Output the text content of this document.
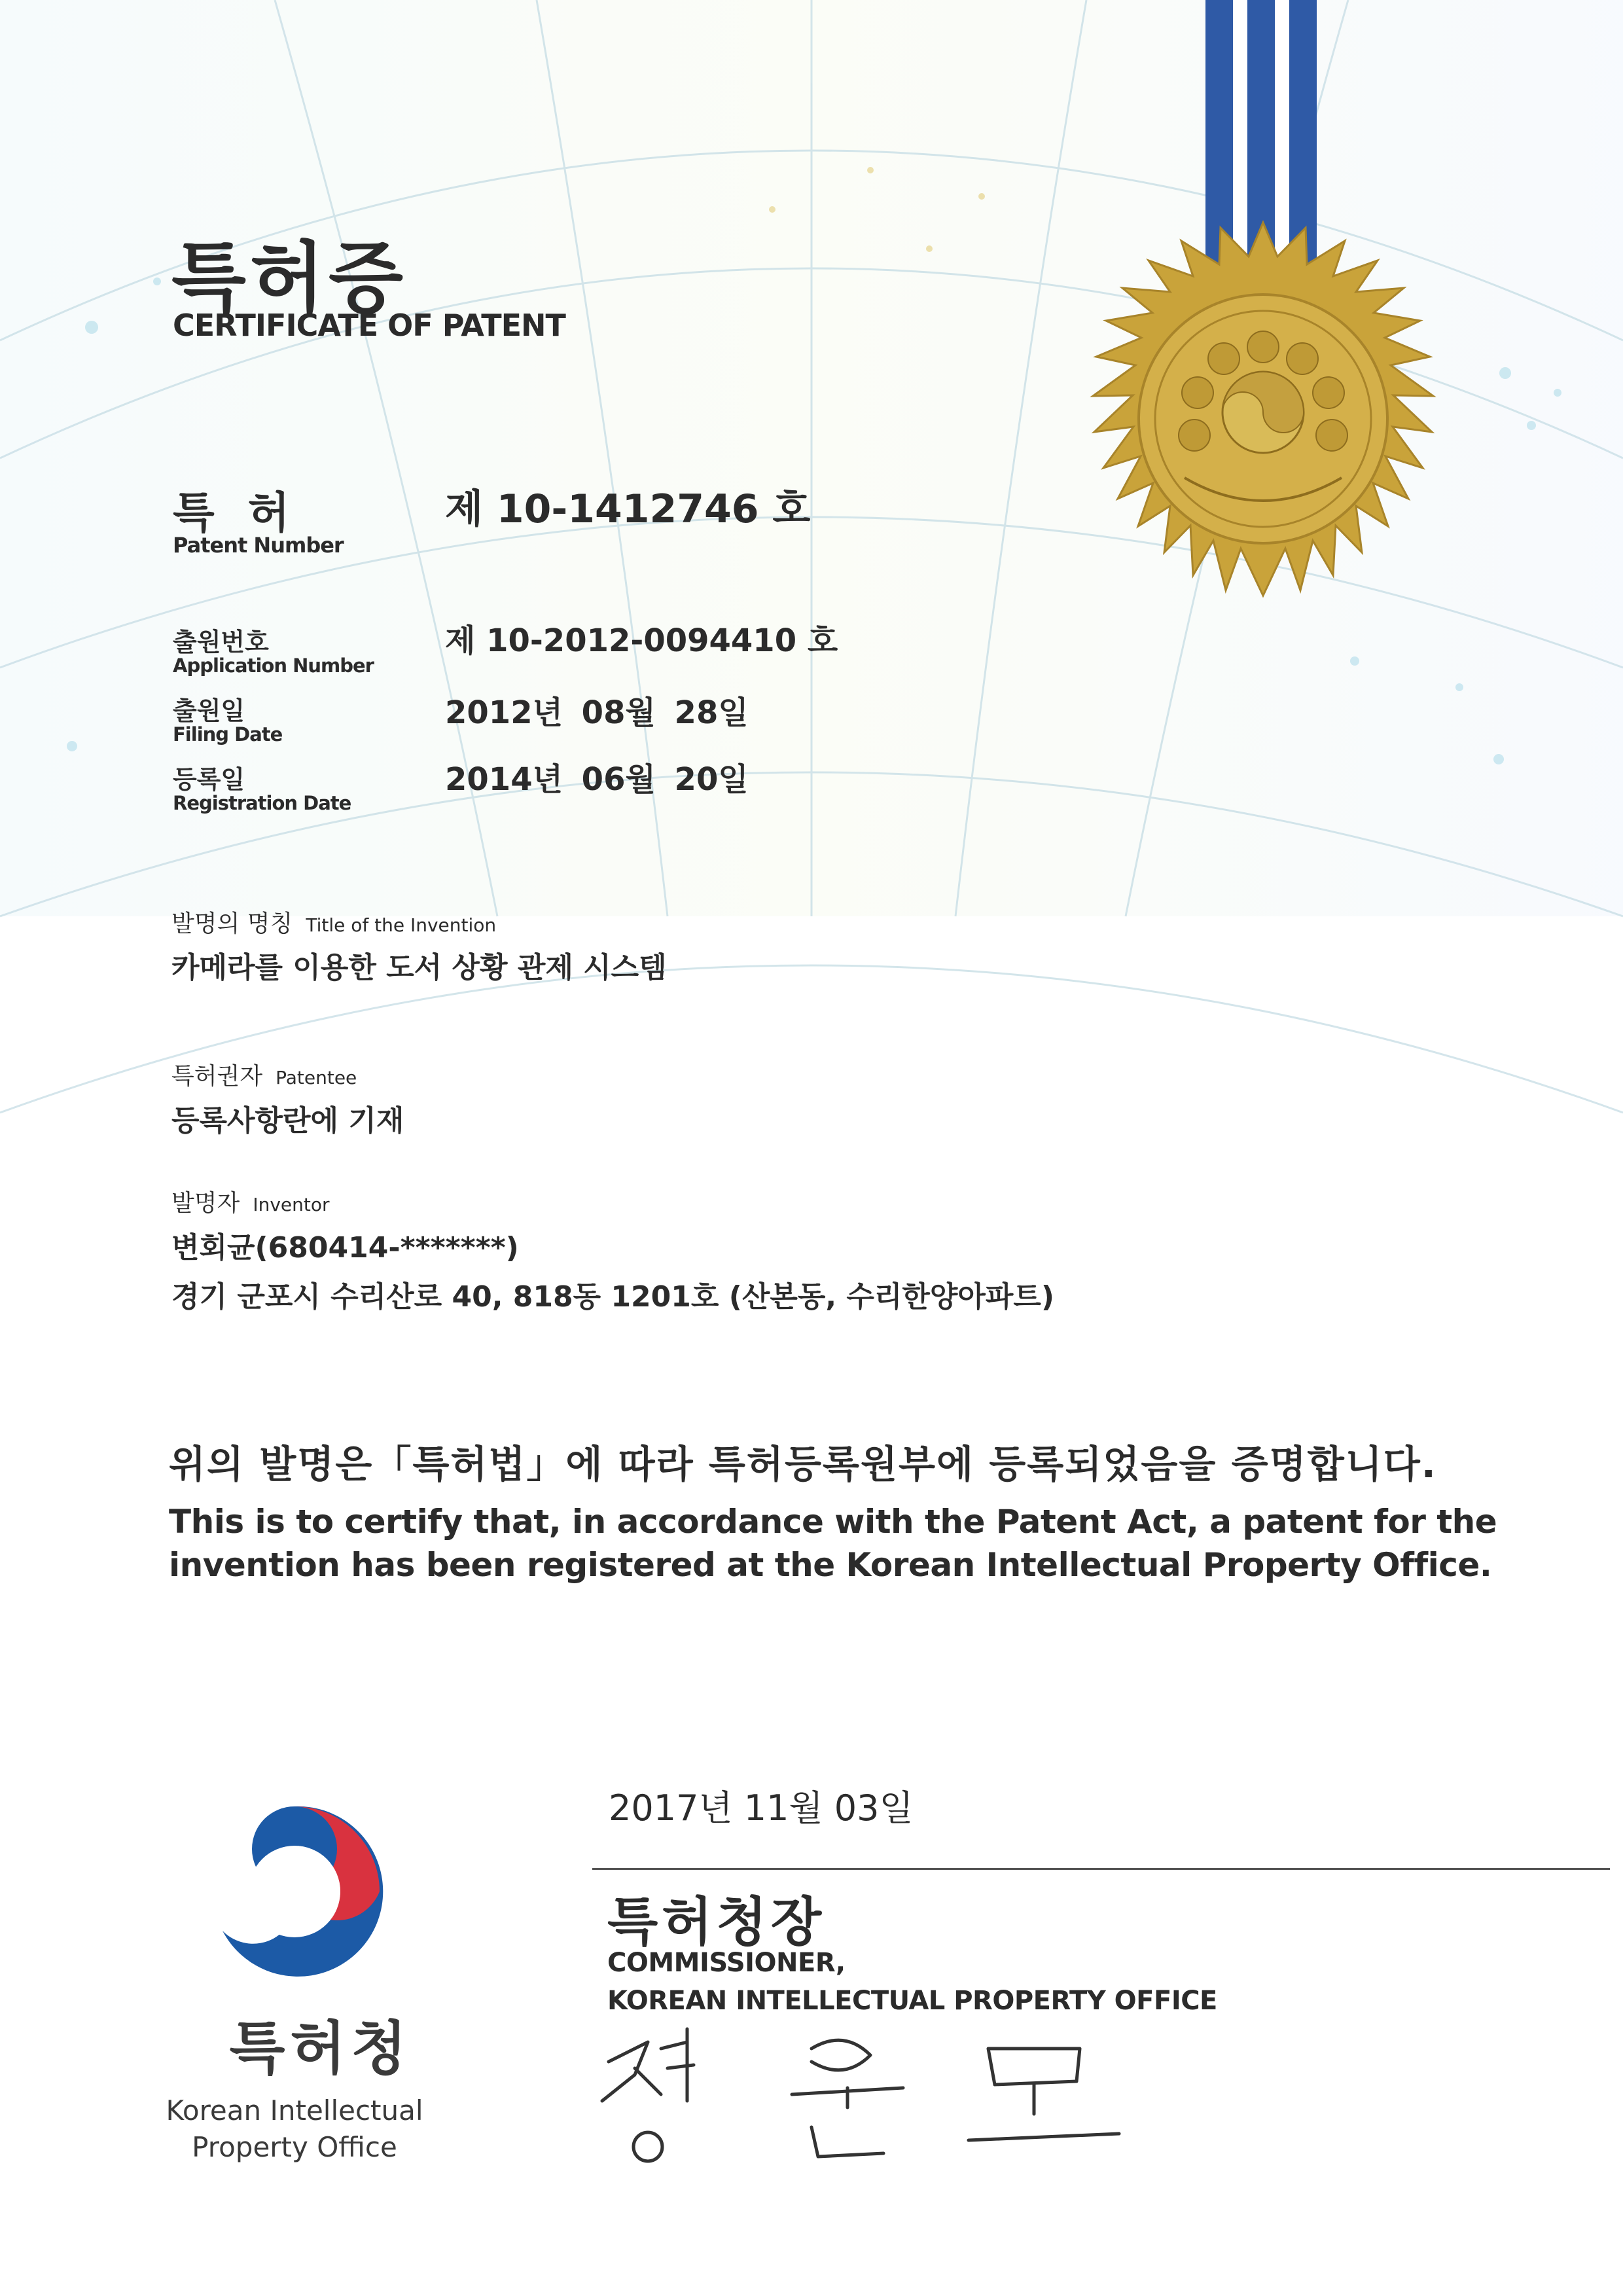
특허증
CERTIFICATE OF PATENT
특 허
Patent Number
제 10-1412746 호
출원번호
Application Number
제 10-2012-0094410 호
출원일
Filing Date
2012년 08월 28일
등록일
Registration Date
2014년 06월 20일
발명의 명칭 Title of the Invention
카메라를 이용한 도서 상황 관제 시스템
특허권자 Patentee
등록사항란에 기재
발명자 Inventor
변회균(680414-*******)
경기 군포시 수리산로 40, 818동 1201호 (산본동, 수리한양아파트)
위의 발명은「특허법」에 따라 특허등록원부에 등록되었음을 증명합니다.
This is to certify that, in accordance with the Patent Act, a patent for the invention has been registered at the Korean Intellectual Property Office.
특허청
Korean Intellectual
Property Office
2017년 11월 03일
특허청장
COMMISSIONER,
KOREAN INTELLECTUAL PROPERTY OFFICE
